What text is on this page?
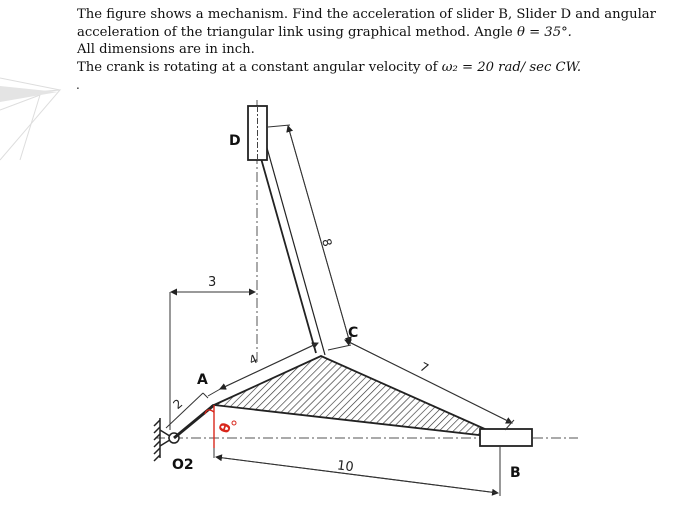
The figure shows a mechanism. Find the acceleration of slider B, Slider D and angular

acceleration of the triangular link using graphical method. Angle θ = 35°.

All dimensions are in inch.

The crank is rotating at a constant angular velocity of ω₂ = 20 rad/ sec CW.

.
D
C
A
O2	B
3
8
4	7
2
10
θ
